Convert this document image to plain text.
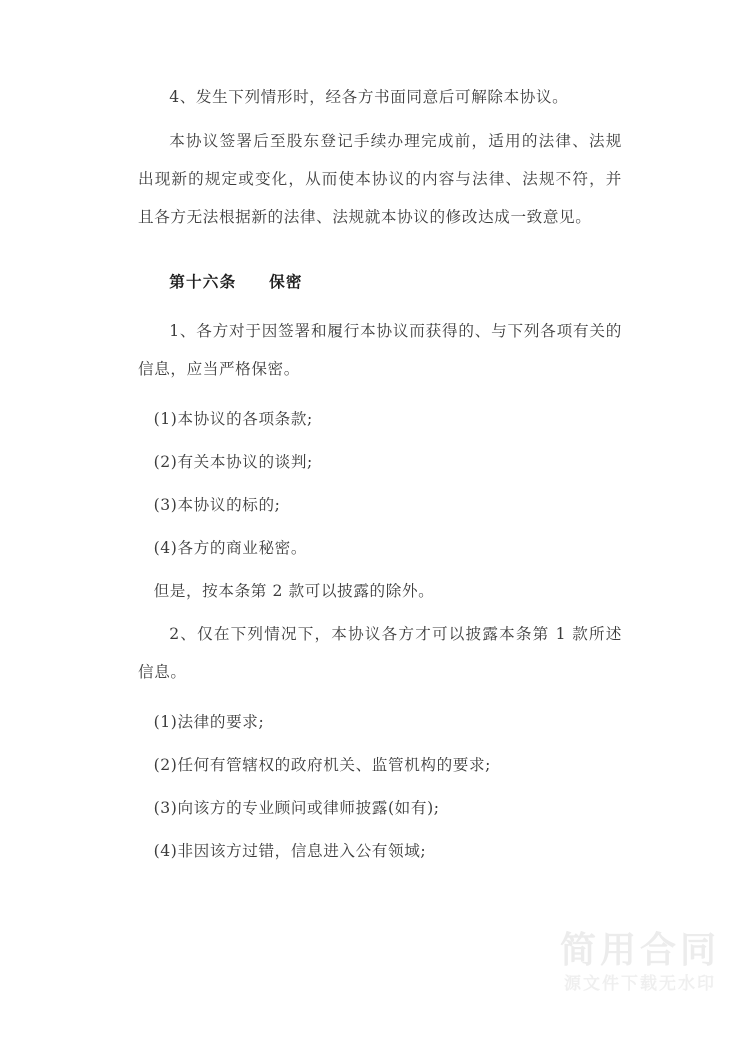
4、发生下列情形时，经各方书面同意后可解除本协议。

本协议签署后至股东登记手续办理完成前，适用的法律、法规出现新的规定或变化，从而使本协议的内容与法律、法规不符，并且各方无法根据新的法律、法规就本协议的修改达成一致意见。

第十六条 保密

1、各方对于因签署和履行本协议而获得的、与下列各项有关的信息，应当严格保密。

(1)本协议的各项条款;

(2)有关本协议的谈判;

(3)本协议的标的;

(4)各方的商业秘密。

但是，按本条第 2 款可以披露的除外。

2、仅在下列情况下，本协议各方才可以披露本条第 1 款所述信息。

(1)法律的要求;

(2)任何有管辖权的政府机关、监管机构的要求;

(3)向该方的专业顾问或律师披露(如有);

(4)非因该方过错，信息进入公有领域;

简用合同
源文件下载无水印
